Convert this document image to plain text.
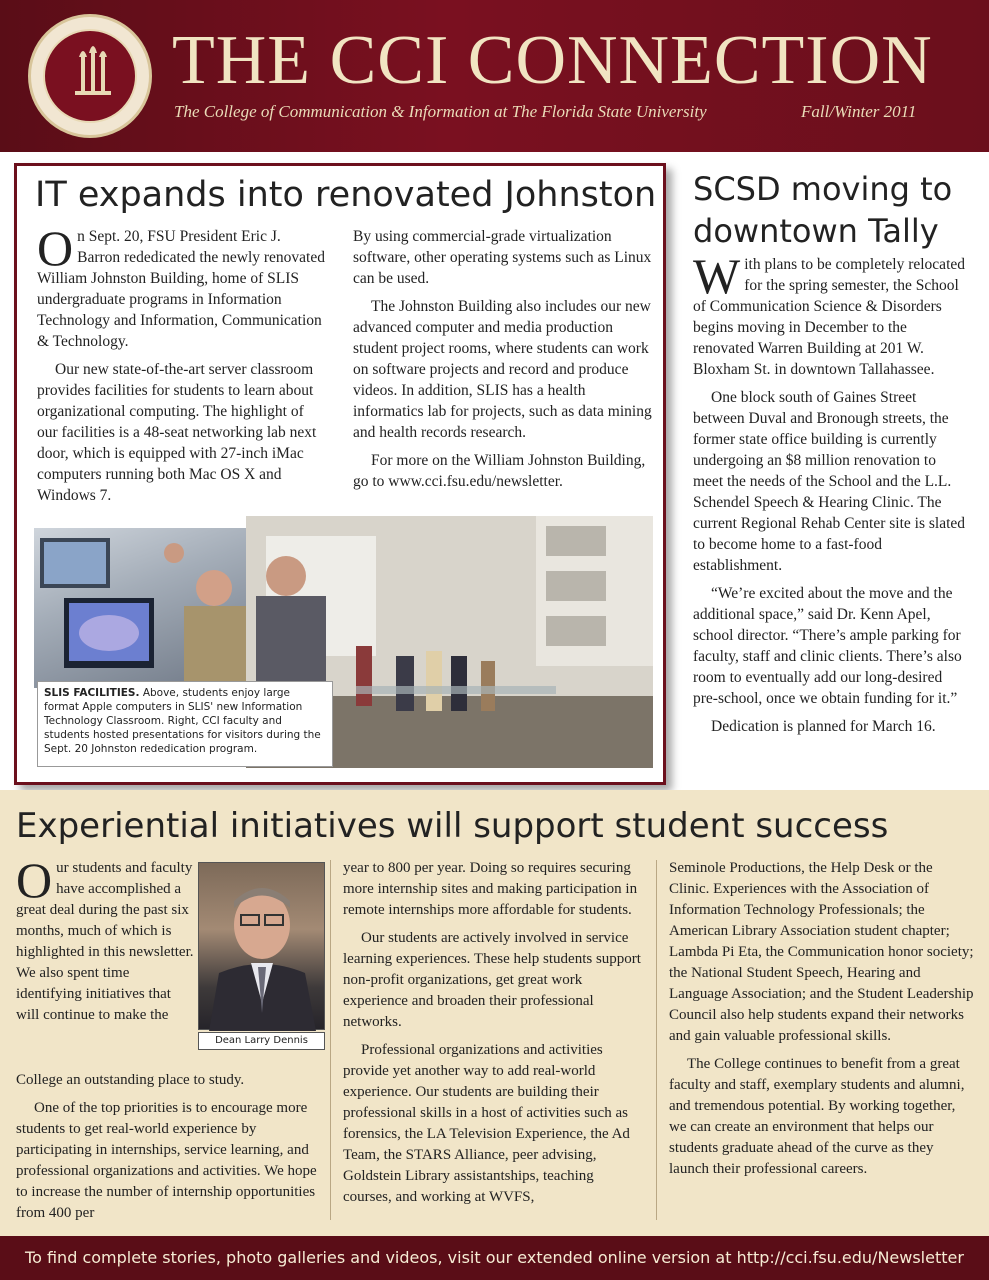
THE CCI CONNECTION
The College of Communication & Information at The Florida State University	Fall/Winter 2011
IT expands into renovated Johnston

On Sept. 20, FSU President Eric J. Barron rededicated the newly renovated William Johnston Building, home of SLIS undergraduate programs in Information Technology and Information, Communication & Technology.

Our new state-of-the-art server classroom provides facilities for students to learn about organizational computing. The highlight of our facilities is a 48-seat networking lab next door, which is equipped with 27-inch iMac computers running both Mac OS X and Windows 7.

By using commercial-grade virtualization software, other operating systems such as Linux can be used.

The Johnston Building also includes our new advanced computer and media production student project rooms, where students can work on software projects and record and produce videos. In addition, SLIS has a health informatics lab for projects, such as data mining and health records research.

For more on the William Johnston Building, go to www.cci.fsu.edu/newsletter.

SLIS FACILITIES. Above, students enjoy large format Apple computers in SLIS' new Information Technology Classroom. Right, CCI faculty and students hosted presentations for visitors during the Sept. 20 Johnston rededication program.
SCSD moving to downtown Tally

With plans to be completely relocated for the spring semester, the School of Communication Science & Disorders begins moving in December to the renovated Warren Building at 201 W. Bloxham St. in downtown Tallahassee.

One block south of Gaines Street between Duval and Bronough streets, the former state office building is currently undergoing an $8 million renovation to meet the needs of the School and the L.L. Schendel Speech & Hearing Clinic. The current Regional Rehab Center site is slated to become home to a fast-food establishment.

“We’re excited about the move and the additional space,” said Dr. Kenn Apel, school director. “There’s ample parking for faculty, staff and clinic clients. There’s also room to eventually add our long-desired pre-school, once we obtain funding for it.”

Dedication is planned for March 16.

Experiential initiatives will support student success
Dean Larry Dennis

Our students and faculty have accomplished a great deal during the past six months, much of which is highlighted in this newsletter. We also spent time identifying initiatives that will continue to make the

College an outstanding place to study.

One of the top priorities is to encourage more students to get real-world experience by participating in internships, service learning, and professional organizations and activities. We hope to increase the number of internship opportunities from 400 per

year to 800 per year. Doing so requires securing more internship sites and making participation in remote internships more affordable for students.

Our students are actively involved in service learning experiences. These help students support non-profit organizations, get great work experience and broaden their professional networks.

Professional organizations and activities provide yet another way to add real-world experience. Our students are building their professional skills in a host of activities such as forensics, the LA Television Experience, the Ad Team, the STARS Alliance, peer advising, Goldstein Library assistantships, teaching courses, and working at WVFS,

Seminole Productions, the Help Desk or the Clinic. Experiences with the Association of Information Technology Professionals; the American Library Association student chapter; Lambda Pi Eta, the Communication honor society; the National Student Speech, Hearing and Language Association; and the Student Leadership Council also help students expand their networks and gain valuable professional skills.

The College continues to benefit from a great faculty and staff, exemplary students and alumni, and tremendous potential. By working together, we can create an environment that helps our students graduate ahead of the curve as they launch their professional careers.

To find complete stories, photo galleries and videos, visit our extended online version at http://cci.fsu.edu/Newsletter
